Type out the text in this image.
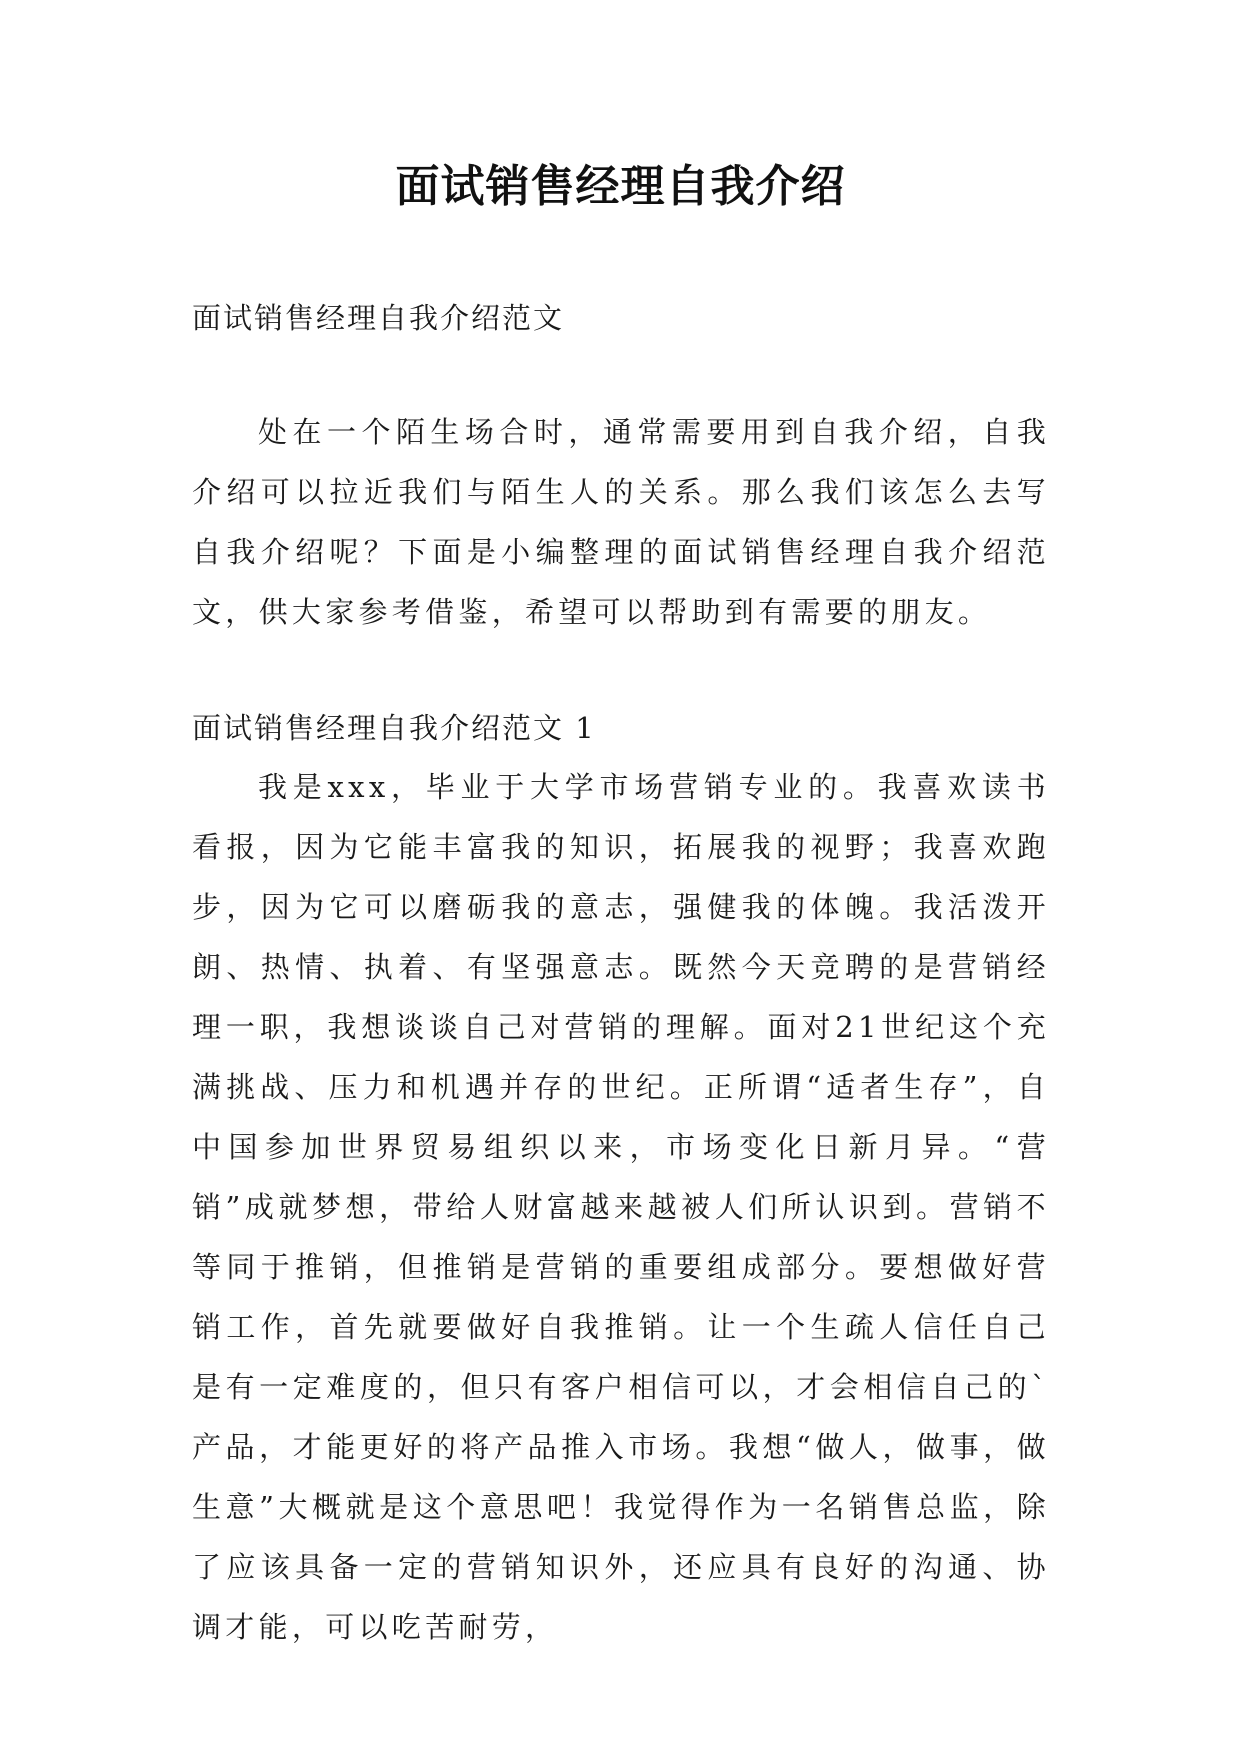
面试销售经理自我介绍
面试销售经理自我介绍范文
处在一个陌生场合时，通常需要用到自我介绍，自我介绍可以拉近我们与陌生人的关系。那么我们该怎么去写自我介绍呢？下面是小编整理的面试销售经理自我介绍范文，供大家参考借鉴，希望可以帮助到有需要的朋友。
面试销售经理自我介绍范文 1
我是xxx，毕业于大学市场营销专业的。我喜欢读书看报，因为它能丰富我的知识，拓展我的视野；我喜欢跑步，因为它可以磨砺我的意志，强健我的体魄。我活泼开朗、热情、执着、有坚强意志。既然今天竞聘的是营销经理一职，我想谈谈自己对营销的理解。面对21世纪这个充满挑战、压力和机遇并存的世纪。正所谓“适者生存”，自中国参加世界贸易组织以来，市场变化日新月异。“营销”成就梦想，带给人财富越来越被人们所认识到。营销不等同于推销，但推销是营销的重要组成部分。要想做好营销工作，首先就要做好自我推销。让一个生疏人信任自己是有一定难度的，但只有客户相信可以，才会相信自己的`产品，才能更好的将产品推入市场。我想“做人，做事，做生意”大概就是这个意思吧！我觉得作为一名销售总监，除了应该具备一定的营销知识外，还应具有良好的沟通、协调才能，可以吃苦耐劳，
